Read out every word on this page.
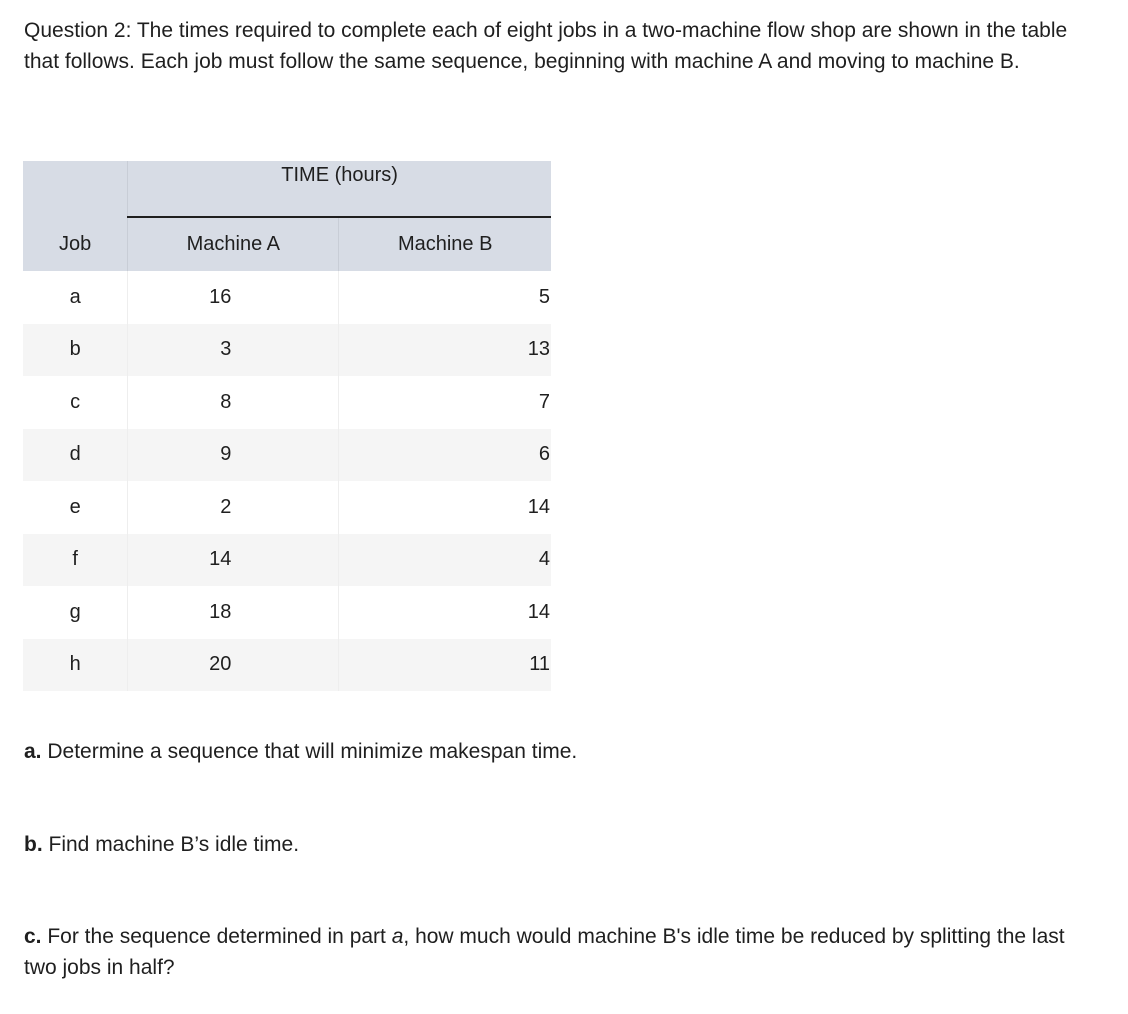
Question 2: The times required to complete each of eight jobs in a two-machine flow shop are shown in the table that follows. Each job must follow the same sequence, beginning with machine A and moving to machine B.

	TIME (hours)	
Job	Machine A	Machine B
a	16	5
b	3	13
c	8	7
d	9	6
e	2	14
f	14	4
g	18	14
h	20	11

a. Determine a sequence that will minimize makespan time.

b. Find machine B’s idle time.

c. For the sequence determined in part a, how much would machine B's idle time be reduced by splitting the last two jobs in half?
